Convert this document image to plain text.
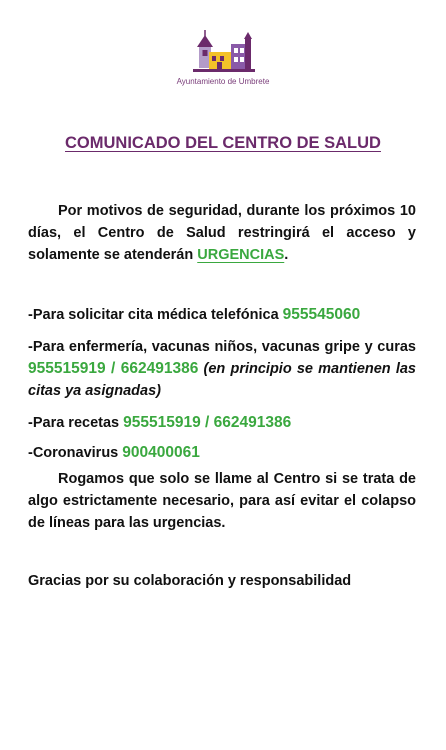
Ayuntamiento de Umbrete
COMUNICADO DEL CENTRO DE SALUD

Por motivos de seguridad, durante los próximos 10 días, el Centro de Salud restringirá el acceso y solamente se atenderán URGENCIAS.

-Para solicitar cita médica telefónica 955545060

-Para enfermería, vacunas niños, vacunas gripe y curas 955515919 / 662491386 (en principio se mantienen las citas ya asignadas)

-Para recetas 955515919 / 662491386

-Coronavirus 900400061

Rogamos que solo se llame al Centro si se trata de algo estrictamente necesario, para así evitar el colapso de líneas para las urgencias.

Gracias por su colaboración y responsabilidad
